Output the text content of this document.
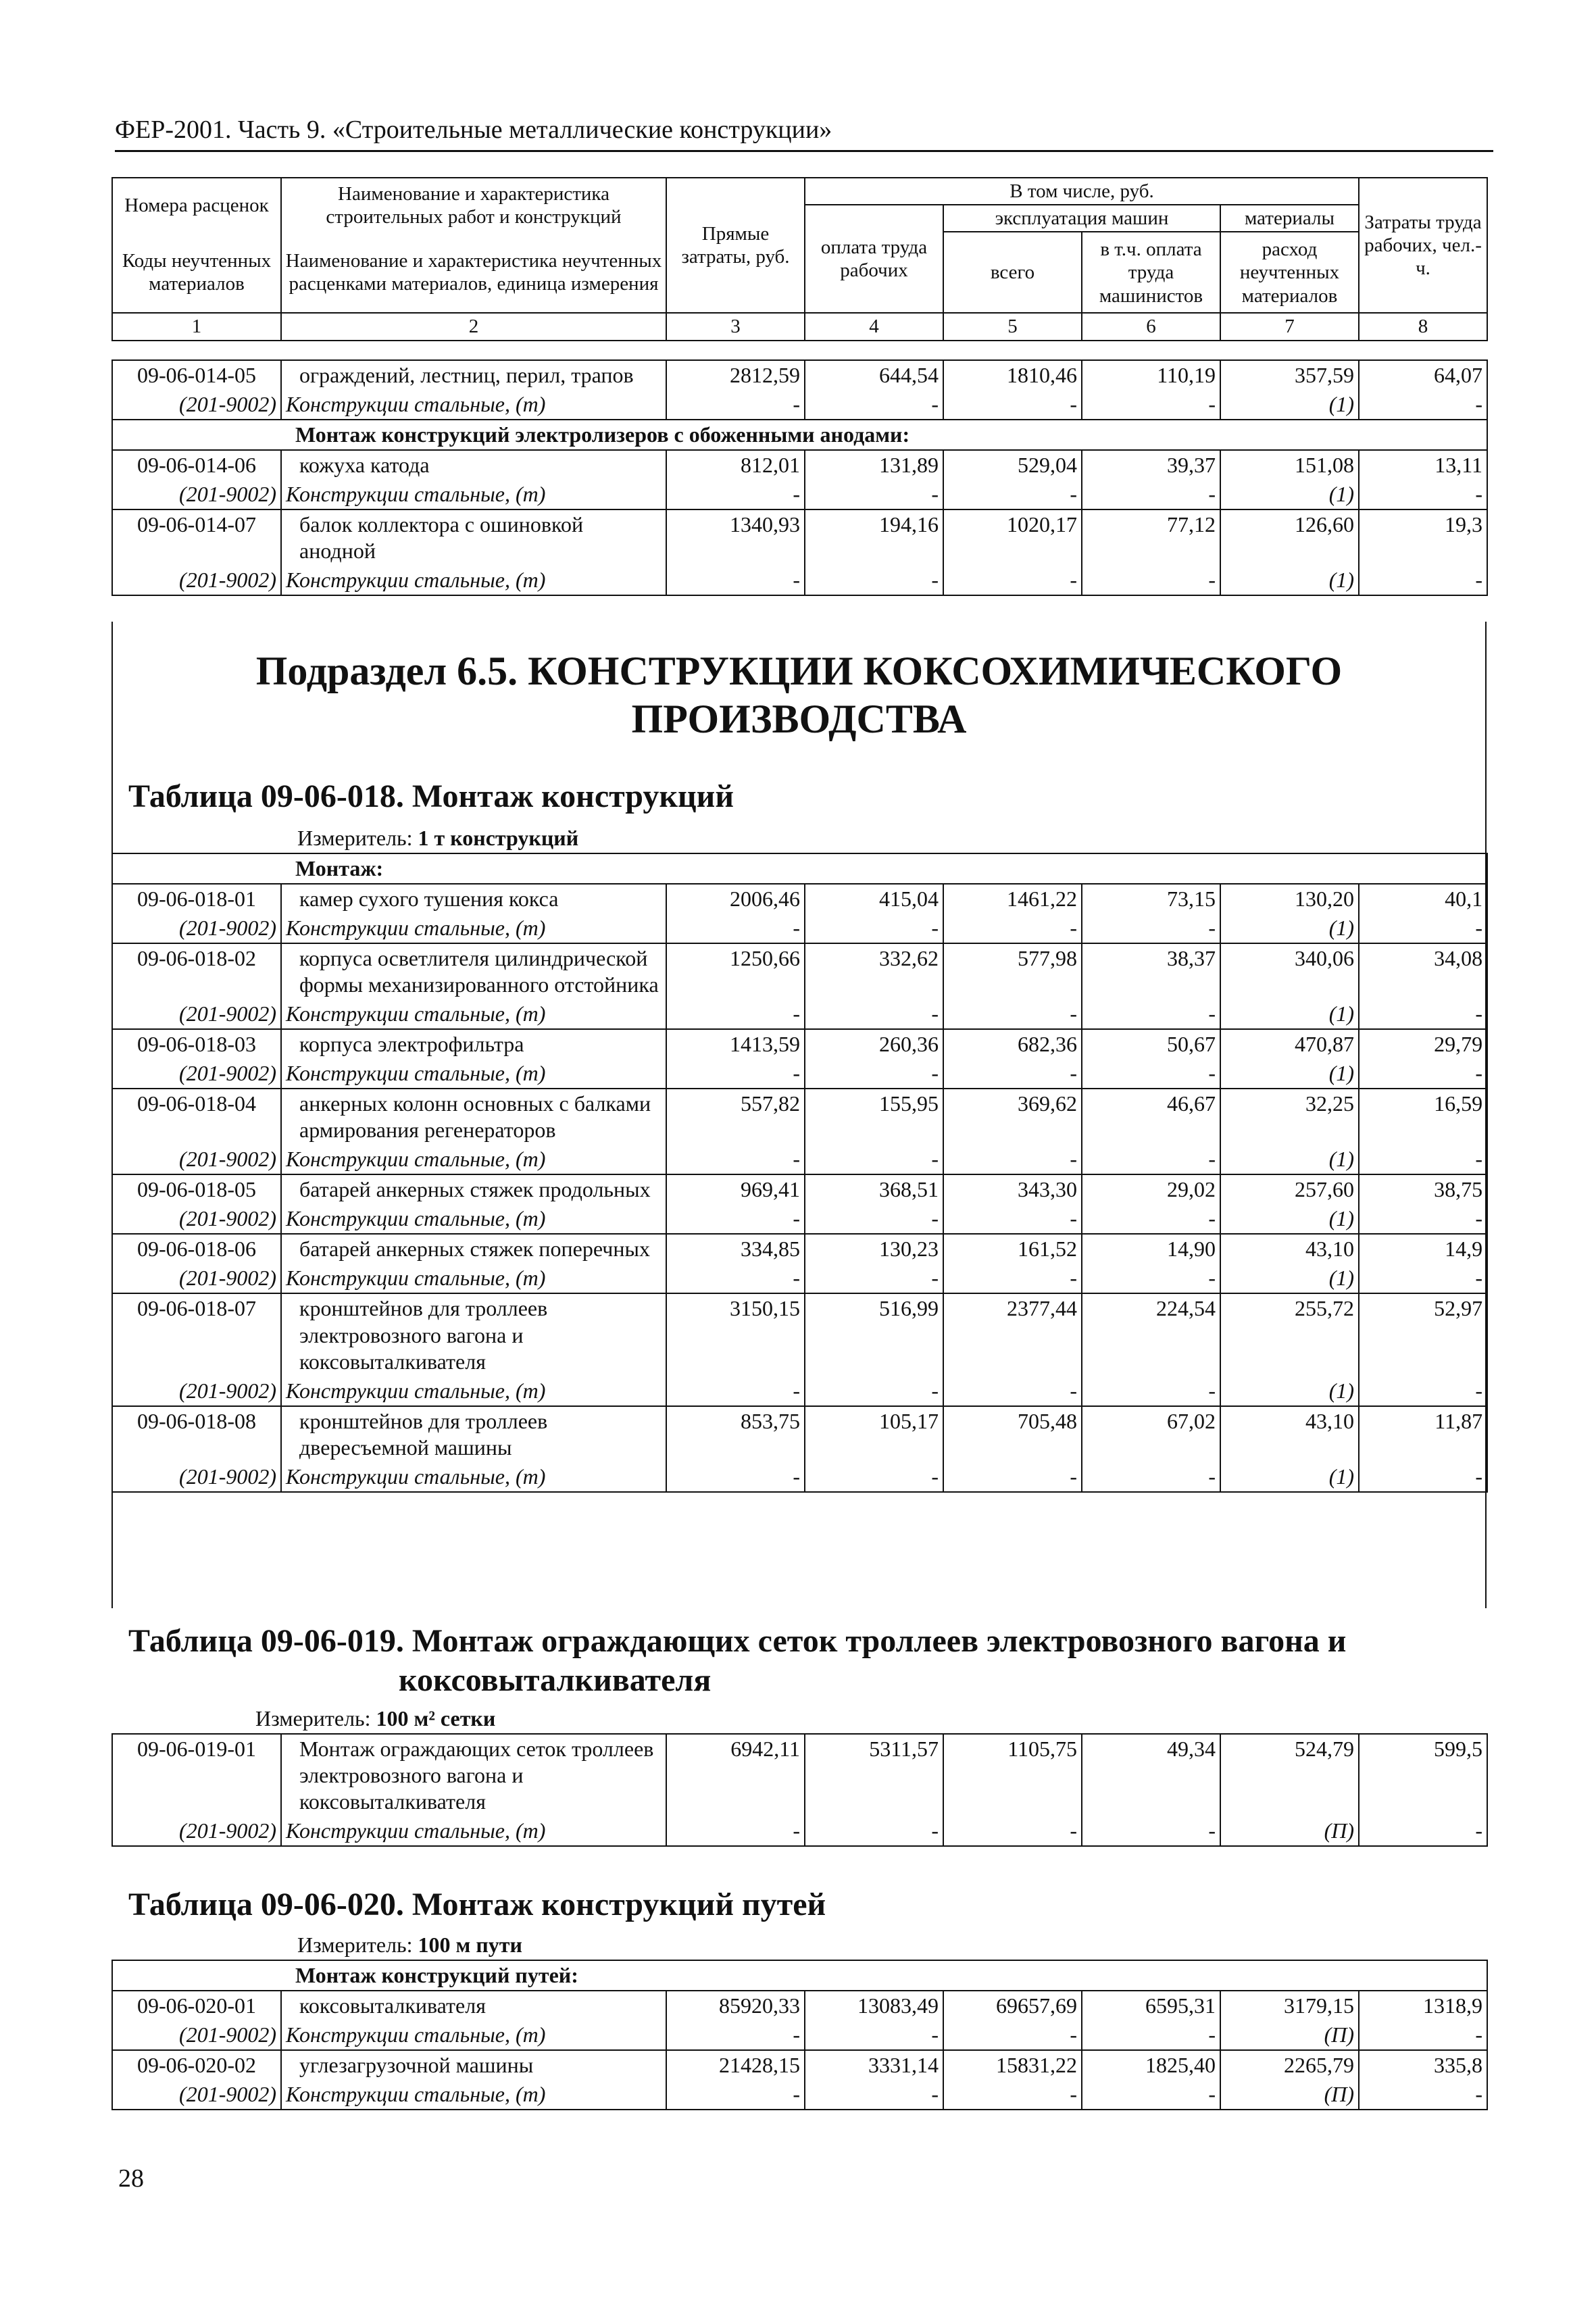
ФЕР-2001. Часть 9. «Строительные металлические конструкции»
Номера расценок	Наименование и характеристика строительных работ и конструкций	Прямые затраты, руб.	В том числе, руб.				Затраты труда рабочих, чел.-ч.
			оплата труда рабочих	эксплуатация машин		материалы	
Коды неучтенных материалов	Наименование и характеристика неучтенных расценками материалов, единица измерения			всего	в т.ч. оплата труда машинистов	расход неучтенных материалов	

1	2	3	4	5	6	7	8
09-06-014-05	ограждений, лестниц, перил, трапов	2812,59	644,54	1810,46	110,19	357,59	64,07
(201-9002)	Конструкции стальные, (т)	-	-	-	-	(1)	-
Монтаж конструкций электролизеров с обоженными анодами:							
09-06-014-06	кожуха катода	812,01	131,89	529,04	39,37	151,08	13,11
(201-9002)	Конструкции стальные, (т)	-	-	-	-	(1)	-
09-06-014-07	балок коллектора с ошиновкой анодной	1340,93	194,16	1020,17	77,12	126,60	19,3
(201-9002)	Конструкции стальные, (т)	-	-	-	-	(1)	-
Подраздел 6.5. КОНСТРУКЦИИ КОКСОХИМИЧЕСКОГО
ПРОИЗВОДСТВА
Таблица 09-06-018. Монтаж конструкций
Измеритель: 1 т конструкций
Монтаж:							
09-06-018-01	камер сухого тушения кокса	2006,46	415,04	1461,22	73,15	130,20	40,1
(201-9002)	Конструкции стальные, (т)	-	-	-	-	(1)	-
09-06-018-02	корпуса осветлителя цилиндрической формы механизированного отстойника	1250,66	332,62	577,98	38,37	340,06	34,08
(201-9002)	Конструкции стальные, (т)	-	-	-	-	(1)	-
09-06-018-03	корпуса электрофильтра	1413,59	260,36	682,36	50,67	470,87	29,79
(201-9002)	Конструкции стальные, (т)	-	-	-	-	(1)	-
09-06-018-04	анкерных колонн основных с балками армирования регенераторов	557,82	155,95	369,62	46,67	32,25	16,59
(201-9002)	Конструкции стальные, (т)	-	-	-	-	(1)	-
09-06-018-05	батарей анкерных стяжек продольных	969,41	368,51	343,30	29,02	257,60	38,75
(201-9002)	Конструкции стальные, (т)	-	-	-	-	(1)	-
09-06-018-06	батарей анкерных стяжек поперечных	334,85	130,23	161,52	14,90	43,10	14,9
(201-9002)	Конструкции стальные, (т)	-	-	-	-	(1)	-
09-06-018-07	кронштейнов для троллеев электровозного вагона и коксовыталкивателя	3150,15	516,99	2377,44	224,54	255,72	52,97
(201-9002)	Конструкции стальные, (т)	-	-	-	-	(1)	-
09-06-018-08	кронштейнов для троллеев двересъемной машины	853,75	105,17	705,48	67,02	43,10	11,87
(201-9002)	Конструкции стальные, (т)	-	-	-	-	(1)	-
Таблица 09-06-019. Монтаж ограждающих сеток троллеев электровозного вагона и
коксовыталкивателя
Измеритель: 100 м² сетки
09-06-019-01	Монтаж ограждающих сеток троллеев электровозного вагона и коксовыталкивателя	6942,11	5311,57	1105,75	49,34	524,79	599,5
(201-9002)	Конструкции стальные, (т)	-	-	-	-	(П)	-
Таблица 09-06-020. Монтаж конструкций путей
Измеритель: 100 м пути
Монтаж конструкций путей:							
09-06-020-01	коксовыталкивателя	85920,33	13083,49	69657,69	6595,31	3179,15	1318,9
(201-9002)	Конструкции стальные, (т)	-	-	-	-	(П)	-
09-06-020-02	углезагрузочной машины	21428,15	3331,14	15831,22	1825,40	2265,79	335,8
(201-9002)	Конструкции стальные, (т)	-	-	-	-	(П)	-
28
